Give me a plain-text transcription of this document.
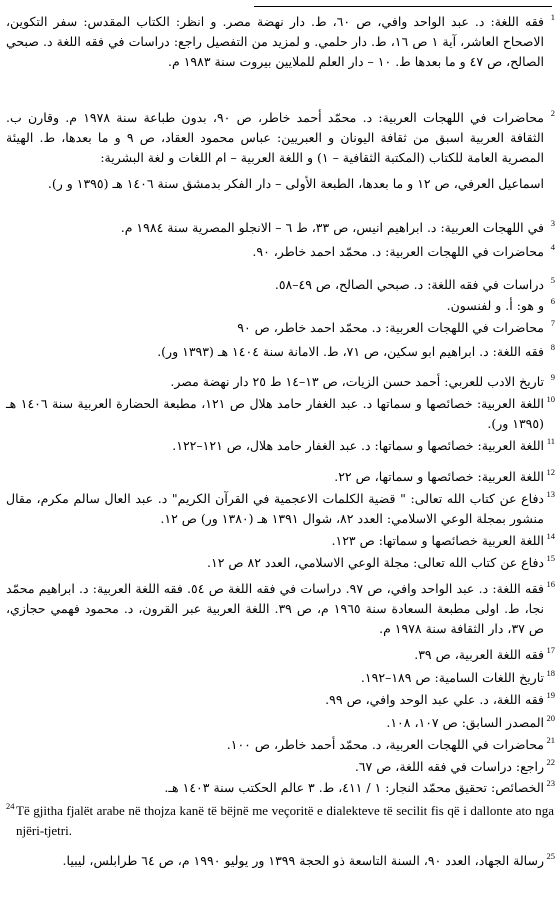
1
فقه اللغة: د. عبد الواحد وافي، ص ٦٠، ط. دار نهضة مصر. و انظر: الكتاب المقدس: سفر التكوين، الاصحاح العاشر، آية ١ ص ١٦، ط. دار حلمي. و لمزيد من التفصيل راجع: دراسات في فقه اللغة د. صبحي الصالح، ص ٤٧ و ما بعدها ط. ١٠ – دار العلم للملايين بيروت سنة ١٩٨٣ م.
2
محاضرات في اللهجات العربية: د. محمّد أحمد خاطر، ص ٩٠، بدون طباعة سنة ١٩٧٨ م. وقارن ب. الثقافة العربية اسبق من ثقافة اليونان و العبريين: عباس محمود العقاد، ص ٩ و ما بعدها، ط. الهيئة المصرية العامة للكتاب (المكتبة الثقافية – ١) و اللغة العربية – ام اللغات و لغة البشرية:
اسماعيل العرفي، ص ١٢ و ما بعدها، الطبعة الأولى – دار الفكر بدمشق سنة ١٤٠٦ هـ (١٣٩٥ و ر).
3
في اللهجات العربية: د. ابراهيم انيس، ص ٣٣، ط ٦ – الانجلو المصرية سنة ١٩٨٤ م.
4
محاضرات في اللهجات العربية: د. محمّد احمد خاطر، ٩٠.
5
دراسات في فقه اللغة: د. صبحي الصالح، ص ٤٩–٥٨.
6
و هو: أ. و لفنسون.
7
محاضرات في اللهجات العربية: د. محمّد احمد خاطر، ص ٩٠
8
فقه اللغة: د. ابراهيم ابو سكين، ص ٧١، ط. الامانة سنة ١٤٠٤ هـ (١٣٩٣ ور).
9
تاريخ الادب للعربي: أحمد حسن الزيات، ص ١٣–١٤ ط ٢٥ دار نهضة مصر.
10
اللغة العربية: خصائصها و سماتها د. عبد الغفار حامد هلال ص ١٢١، مطبعة الحضارة العربية سنة ١٤٠٦ هـ (١٣٩٥ ور).
11
اللغة العربية: خصائصها و سماتها: د. عبد الغفار حامد هلال، ص ١٢١–١٢٢.
12
اللغة العربية: خصائصها و سماتها، ص ٢٢.
13
دفاع عن كتاب الله تعالى: " قضية الكلمات الاعجمية في القرآن الكريم" د. عبد العال سالم مكرم، مقال منشور بمجلة الوعي الاسلامي: العدد ٨٢، شوال ١٣٩١ هـ (١٣٨٠ ور) ص ١٢.
14
اللغة العربية خصائصها و سماتها: ص ١٢٣.
15
دفاع عن كتاب الله تعالى: مجلة الوعي الاسلامي، العدد ٨٢ ص ١٢.
16
فقه اللغة: د. عبد الواحد وافي، ص ٩٧. دراسات في فقه اللغة ص ٥٤. فقه اللغة العربية: د. ابراهيم محمّد نجا، ط. اولى مطبعة السعادة سنة ١٩٦٥ م، ص ٣٩. اللغة العربية عبر القرون، د. محمود فهمي حجازي، ص ٣٧، دار الثقافة سنة ١٩٧٨ م.
17
فقه اللغة العربية، ص ٣٩.
18
تاريخ اللغات السامية: ص ١٨٩–١٩٢.
19
فقه اللغة، د. علي عبد الوحد وافي، ص ٩٩.
20
المصدر السابق: ص ١٠٧، ١٠٨.
21
محاضرات في اللهجات العربية، د. محمّد أحمد خاطر، ص ١٠٠.
22
راجع: دراسات في فقه اللغة، ص ٦٧.
23
الخصائص: تحقيق محمّد النجار: ١ / ٤١١، ط. ٣ عالم الحكتب سنة ١٤٠٣ هـ.
24 Të gjitha fjalët arabe në thojza kanë të bëjnë me veçoritë e dialekteve të secilit fis që i dallonte ato nga njëri-tjetri.
25
رسالة الجهاد، العدد ٩٠، السنة التاسعة ذو الحجة ١٣٩٩ ور يوليو ١٩٩٠ م، ص ٦٤ طرابلس، ليبيا.
